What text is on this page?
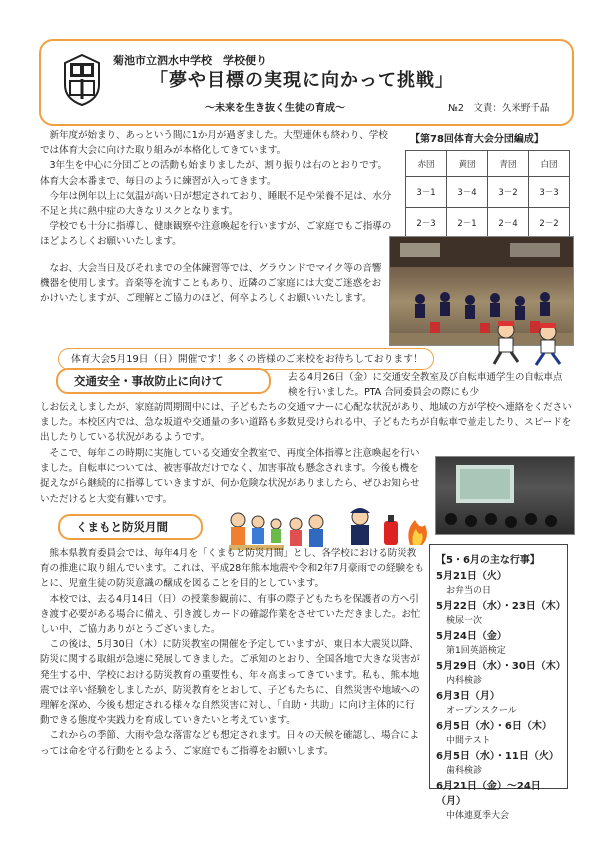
菊池市立泗水中学校　学校便り
「夢や目標の実現に向かって挑戦」
～未来を生き抜く生徒の育成～	№2　文責：久米野千晶

　新年度が始まり、あっという間に1か月が過ぎました。大型連休も終わり、学校では体育大会に向けた取り組みが本格化してきています。

　3年生を中心に分団ごとの活動も始まりましたが、割り振りは右のとおりです。体育大会本番まで、毎日のように練習が入ってきます。

　今年は例年以上に気温が高い日が想定されており、睡眠不足や栄養不足は、水分不足と共に熱中症の大きなリスクとなります。

　学校でも十分に指導し、健康観察や注意喚起を行いますが、ご家庭でもご指導のほどよろしくお願いいたします。

　なお、大会当日及びそれまでの全体練習等では、グラウンドでマイク等の音響機器を使用します。音楽等を流すこともあり、近隣のご家庭には大変ご迷惑をおかけいたしますが、ご理解とご協力のほど、何卒よろしくお願いいたします。

【第78回体育大会分団編成】
赤団	黄団	青団	白団
3－1	3－4	3－2	3－3
2－3	2－1	2－4	2－2

体育大会5月19日（日）開催です！多くの皆様のご来校をお待ちしております！
交通安全・事故防止に向けて	去る4月26日（金）に交通安全教室及び自転車通学生の自転車点検を行いました。PTA 合同委員会の際にも少

しお伝えしましたが、家庭訪問期間中には、子どもたちの交通マナーに心配な状況があり、地域の方が学校へ連絡をくださいました。本校区内では、急な坂道や交通量の多い道路も多数見受けられる中、子どもたちが自転車で並走したり、スピードを出したりしている状況があるようです。

　そこで、毎年この時期に実施している交通安全教室で、再度全体指導と注意喚起を行いました。自転車については、被害事故だけでなく、加害事故も懸念されます。今後も機を捉えながら継続的に指導していきますが、何か危険な状況がありましたら、ぜひお知らせいただけると大変有難いです。

くまもと防災月間

　熊本県教育委員会では、毎年4月を「くまもと防災月間」とし、各学校における防災教育の推進に取り組んでいます。これは、平成28年熊本地震や令和2年7月豪雨での経験をもとに、児童生徒の防災意識の醸成を図ることを目的としています。

　本校では、去る4月14日（日）の授業参観前に、有事の際子どもたちを保護者の方へ引き渡す必要がある場合に備え、引き渡しカードの確認作業をさせていただきました。お忙しい中、ご協力ありがとうございました。

　この後は、5月30日（木）に防災教室の開催を予定していますが、東日本大震災以降、防災に関する取組が急速に発展してきました。ご承知のとおり、全国各地で大きな災害が発生する中、学校における防災教育の重要性も、年々高まってきています。私も、熊本地震では辛い経験をしましたが、防災教育をとおして、子どもたちに、自然災害や地域への理解を深め、今後も想定される様々な自然災害に対し、「自助・共助」に向け主体的に行動できる態度や実践力を育成していきたいと考えています。

　これからの季節、大雨や急な落雷なども想定されます。日々の天候を確認し、場合によっては命を守る行動をとるよう、ご家庭でもご指導をお願いします。

【5・6月の主な行事】
5月21日（火）
お弁当の日
5月22日（水）・23日（木）
検尿一次
5月24日（金）
第1回英語検定
5月29日（水）・30日（木）
内科検診
6月3日（月）
オープンスクール
6月5日（水）・6日（木）
中間テスト
6月5日（水）・11日（火）
歯科検診
6月21日（金）～24日（月）
中体連夏季大会
